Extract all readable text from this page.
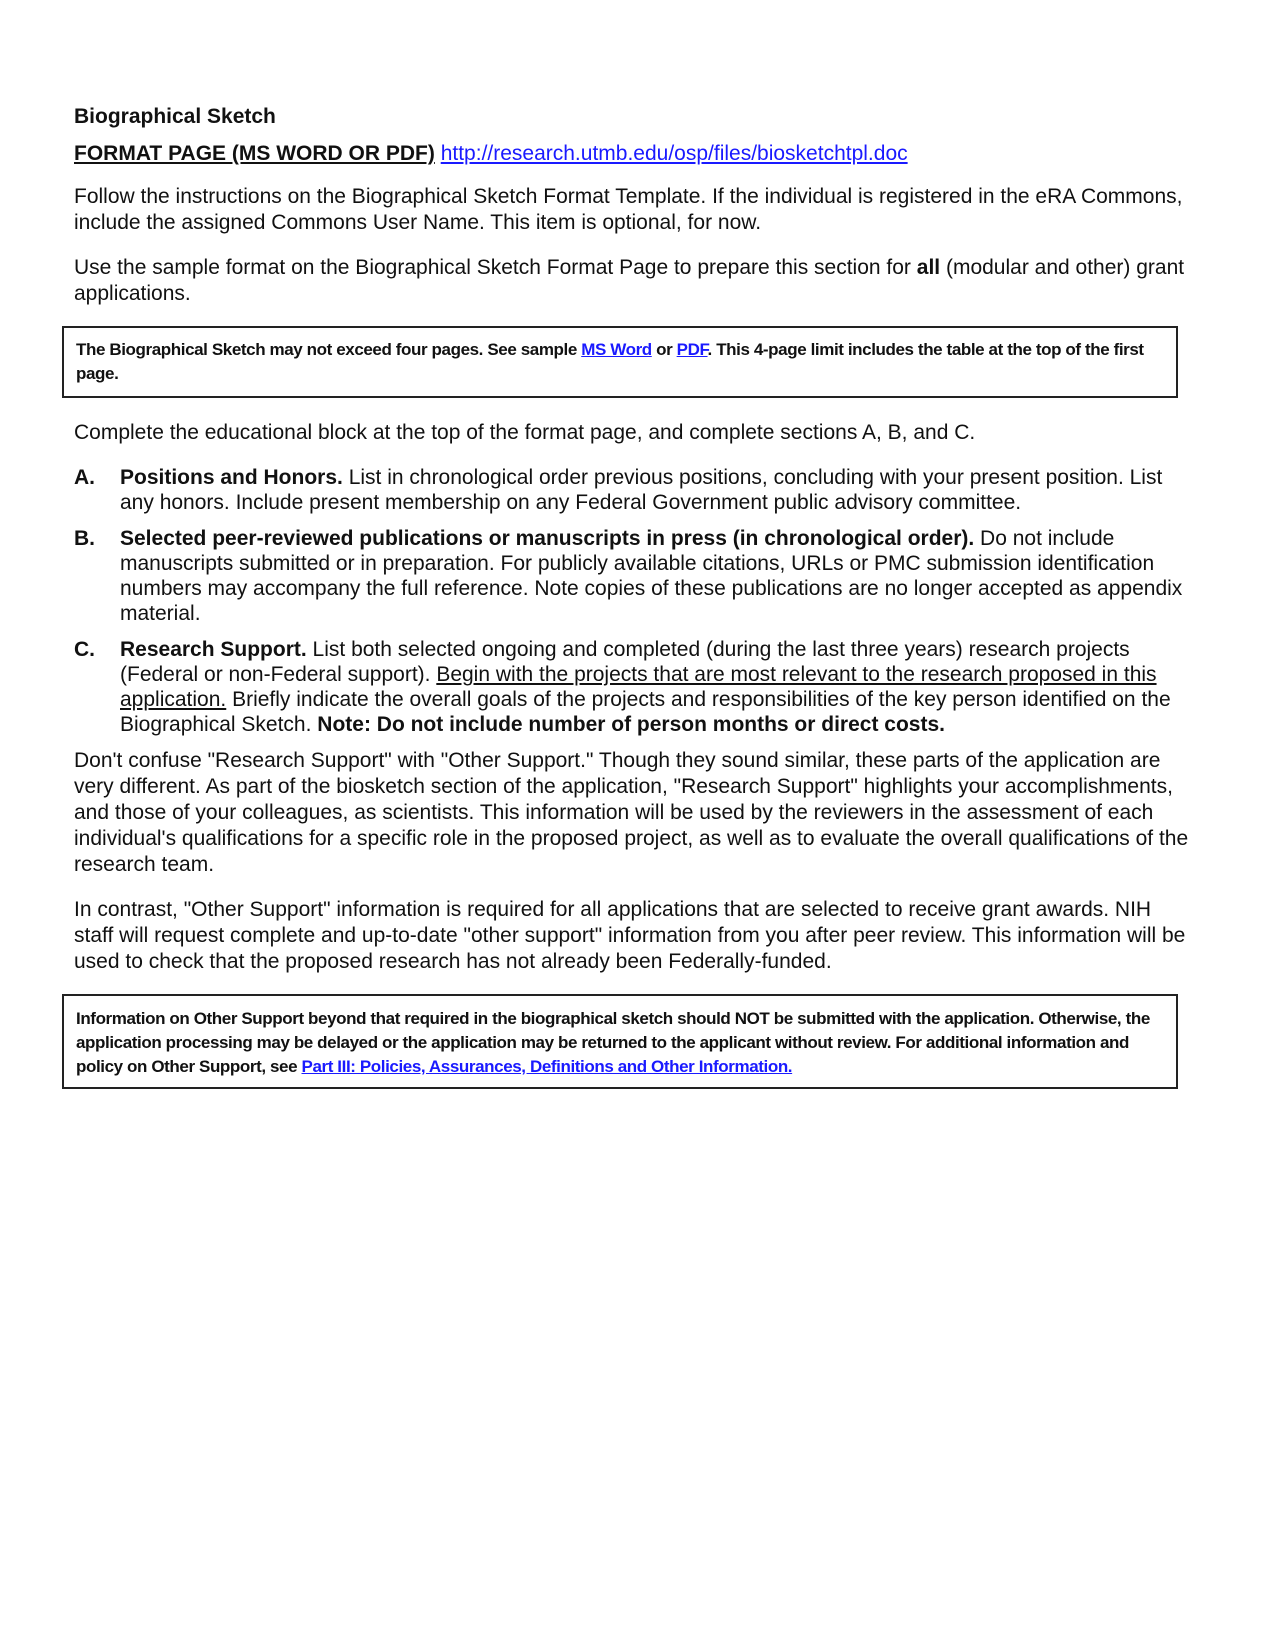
Biographical Sketch
FORMAT PAGE (MS WORD OR PDF) http://research.utmb.edu/osp/files/biosketchtpl.doc

Follow the instructions on the Biographical Sketch Format Template. If the individual is registered in the eRA Commons, include the assigned Commons User Name. This item is optional, for now.

Use the sample format on the Biographical Sketch Format Page to prepare this section for all (modular and other) grant applications.

The Biographical Sketch may not exceed four pages. See sample MS Word or PDF. This 4-page limit includes the table at the top of the first page.

Complete the educational block at the top of the format page, and complete sections A, B, and C.

A.	Positions and Honors. List in chronological order previous positions, concluding with your present position. List any honors. Include present membership on any Federal Government public advisory committee.
B.	Selected peer-reviewed publications or manuscripts in press (in chronological order). Do not include manuscripts submitted or in preparation. For publicly available citations, URLs or PMC submission identification numbers may accompany the full reference. Note copies of these publications are no longer accepted as appendix material.
C.	Research Support. List both selected ongoing and completed (during the last three years) research projects (Federal or non-Federal support). Begin with the projects that are most relevant to the research proposed in this application. Briefly indicate the overall goals of the projects and responsibilities of the key person identified on the Biographical Sketch. Note: Do not include number of person months or direct costs.

Don't confuse "Research Support" with "Other Support." Though they sound similar, these parts of the application are very different. As part of the biosketch section of the application, "Research Support" highlights your accomplishments, and those of your colleagues, as scientists. This information will be used by the reviewers in the assessment of each individual's qualifications for a specific role in the proposed project, as well as to evaluate the overall qualifications of the research team.

In contrast, "Other Support" information is required for all applications that are selected to receive grant awards. NIH staff will request complete and up-to-date "other support" information from you after peer review. This information will be used to check that the proposed research has not already been Federally-funded.

Information on Other Support beyond that required in the biographical sketch should NOT be submitted with the application. Otherwise, the application processing may be delayed or the application may be returned to the applicant without review. For additional information and policy on Other Support, see Part III: Policies, Assurances, Definitions and Other Information.
